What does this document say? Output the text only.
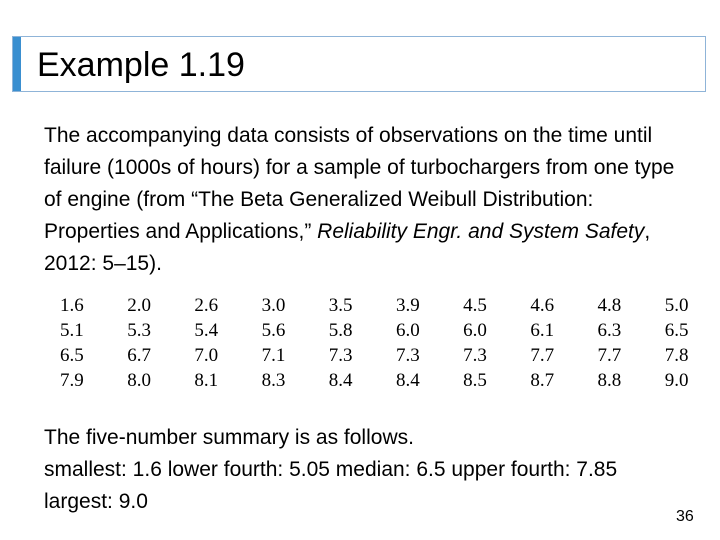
Example 1.19
The accompanying data consists of observations on the time until failure (1000s of hours) for a sample of turbochargers from one type of engine (from “The Beta Generalized Weibull Distribution: Properties and Applications,” Reliability Engr. and System Safety, 2012: 5–15).
1.6	2.0	2.6	3.0	3.5	3.9	4.5	4.6	4.8	5.0
5.1	5.3	5.4	5.6	5.8	6.0	6.0	6.1	6.3	6.5
6.5	6.7	7.0	7.1	7.3	7.3	7.3	7.7	7.7	7.8
7.9	8.0	8.1	8.3	8.4	8.4	8.5	8.7	8.8	9.0
The five-number summary is as follows.
smallest: 1.6 lower fourth: 5.05 median: 6.5 upper fourth: 7.85 largest: 9.0
36
